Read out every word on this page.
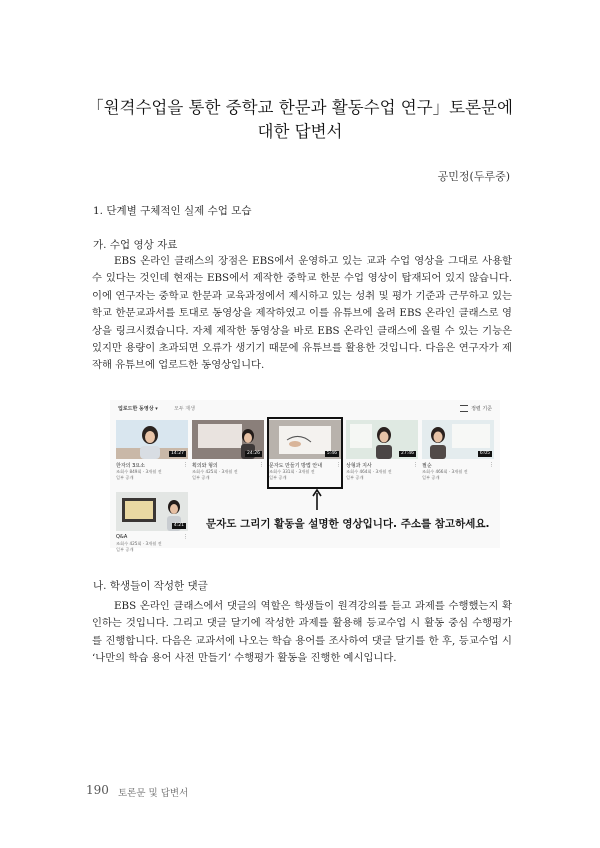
「원격수업을 통한 중학교 한문과 활동수업 연구」토론문에
대한 답변서
공민정(두루중)
1. 단계별 구체적인 실제 수업 모습
가. 수업 영상 자료

EBS 온라인 클래스의 장점은 EBS에서 운영하고 있는 교과 수업 영상을 그대로 사용할 수 있다는 것인데 현재는 EBS에서 제작한 중학교 한문 수업 영상이 탑재되어 있지 않습니다. 이에 연구자는 중학교 한문과 교육과정에서 제시하고 있는 성취 및 평가 기준과 근무하고 있는 학교 한문교과서를 토대로 동영상을 제작하였고 이를 유튜브에 올려 EBS 온라인 클래스로 영상을 링크시켰습니다. 자체 제작한 동영상을 바로 EBS 온라인 클래스에 올릴 수 있는 기능은 있지만 용량이 초과되면 오류가 생기기 때문에 유튜브를 활용한 것입니다. 다음은 연구자가 제작해 유튜브에 업로드한 동영상입니다.

업로드한 동영상 ▾	모두 재생	정렬 기준
14:27
한자의 3요소	⋮
조회수 849회 · 3개월 전
일부 공개
24:26
획의와 형의	⋮
조회수 425회 · 3개월 전
일부 공개
5:46
문자도 만들기 방법 안내	⋮
조회수 331회 · 3개월 전
일부 공개
27:46
상형과 지사	⋮
조회수 464회 · 3개월 전
일부 공개
6:05
필순	⋮
조회수 466회 · 3개월 전
일부 공개
4:21
Q&A	⋮
조회수 425회 · 3개월 전
일부 공개
문자도 그리기 활동을 설명한 영상입니다. 주소를 참고하세요.
나. 학생들이 작성한 댓글

EBS 온라인 클래스에서 댓글의 역할은 학생들이 원격강의를 듣고 과제를 수행했는지 확인하는 것입니다. 그리고 댓글 달기에 작성한 과제를 활용해 등교수업 시 활동 중심 수행평가를 진행합니다. 다음은 교과서에 나오는 학습 용어를 조사하여 댓글 달기를 한 후, 등교수업 시 ‘나만의 학습 용어 사전 만들기’ 수행평가 활동을 진행한 예시입니다.

190 토론문 및 답변서
